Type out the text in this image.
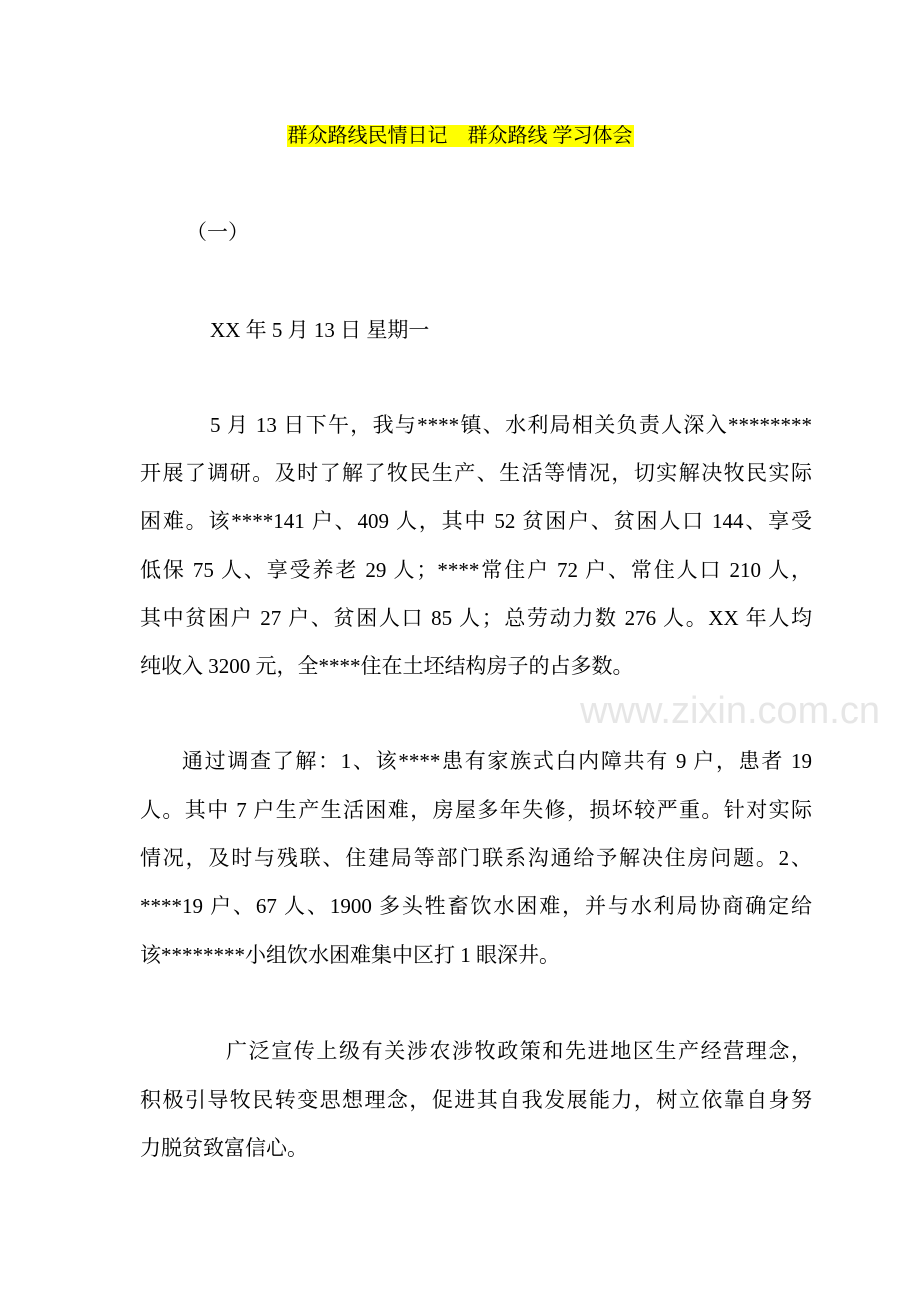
www.zixin.com.cn
群众路线民情日记　群众路线 学习体会
（一）
XX 年 5 月 13 日 星期一
5 月 13 日下午，我与****镇、水利局相关负责人深入********
开展了调研。及时了解了牧民生产、生活等情况，切实解决牧民实际
困难。该****141 户、409 人，其中 52 贫困户、贫困人口 144、享受
低保 75 人、享受养老 29 人；****常住户 72 户、常住人口 210 人，
其中贫困户 27 户、贫困人口 85 人；总劳动力数 276 人。XX 年人均
纯收入 3200 元，全****住在土坯结构房子的占多数。
通过调查了解：1、该****患有家族式白内障共有 9 户，患者 19
人。其中 7 户生产生活困难，房屋多年失修，损坏较严重。针对实际
情况，及时与残联、住建局等部门联系沟通给予解决住房问题。2、
****19 户、67 人、1900 多头牲畜饮水困难，并与水利局协商确定给
该********小组饮水困难集中区打 1 眼深井。
广泛宣传上级有关涉农涉牧政策和先进地区生产经营理念，
积极引导牧民转变思想理念，促进其自我发展能力，树立依靠自身努
力脱贫致富信心。
